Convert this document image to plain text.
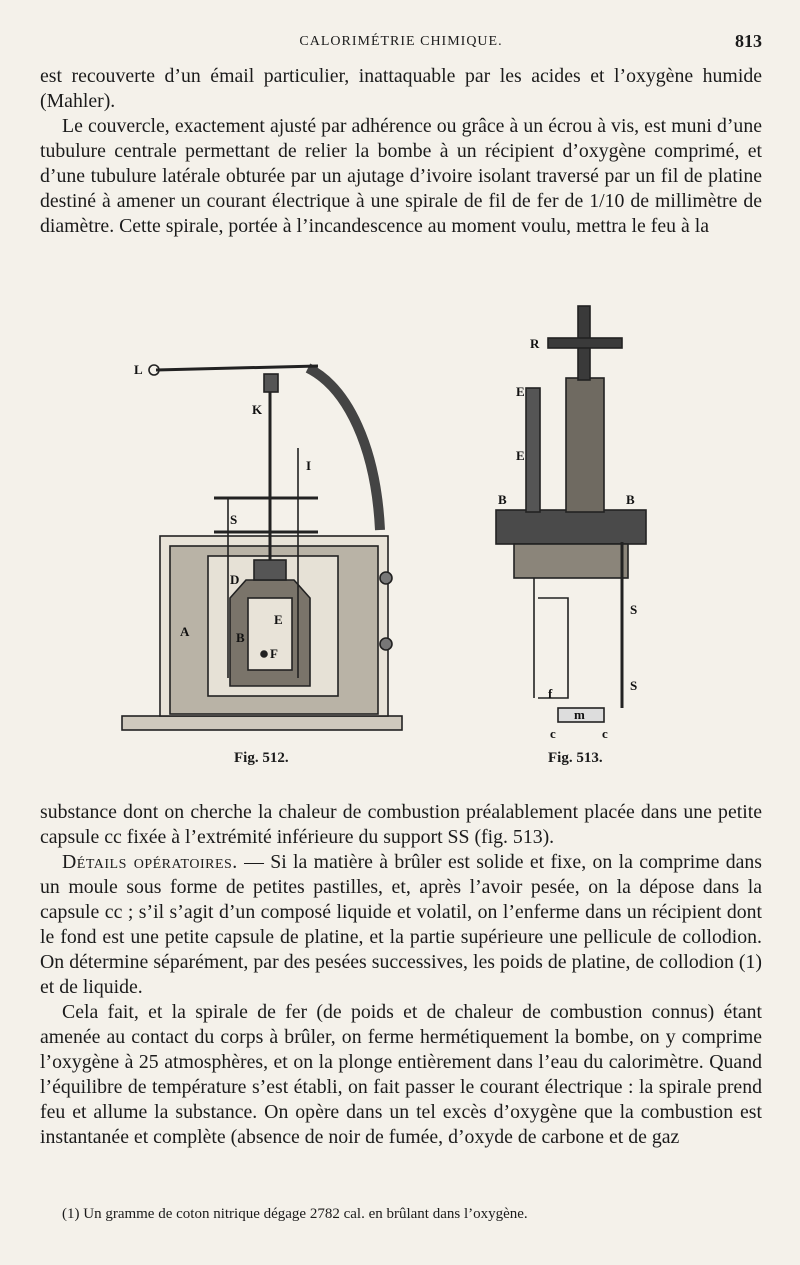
CALORIMÉTRIE CHIMIQUE.	813

est recouverte d’un émail particulier, inattaquable par les acides et l’oxygène humide (Mahler).

Le couvercle, exactement ajusté par adhérence ou grâce à un écrou à vis, est muni d’une tubulure centrale permettant de relier la bombe à un récipient d’oxygène comprimé, et d’une tubulure latérale obturée par un ajutage d’ivoire isolant traversé par un fil de platine destiné à amener un courant électrique à une spirale de fil de fer de 1/10 de millimètre de diamètre. Cette spirale, portée à l’incandescence au moment voulu, mettra le feu à la

L
K
I
S
D
A	B
E
F
R
E
E
B	B
S
S
f
m
c	c
Fig. 512.	Fig. 513.

substance dont on cherche la chaleur de combustion préalablement placée dans une petite capsule cc fixée à l’extrémité inférieure du support SS (fig. 513).

Détails opératoires. — Si la matière à brûler est solide et fixe, on la comprime dans un moule sous forme de petites pastilles, et, après l’avoir pesée, on la dépose dans la capsule cc ; s’il s’agit d’un composé liquide et volatil, on l’enferme dans un récipient dont le fond est une petite capsule de platine, et la partie supérieure une pellicule de collodion. On détermine séparément, par des pesées successives, les poids de platine, de collodion (1) et de liquide.

Cela fait, et la spirale de fer (de poids et de chaleur de combustion connus) étant amenée au contact du corps à brûler, on ferme hermétiquement la bombe, on y comprime l’oxygène à 25 atmosphères, et on la plonge entièrement dans l’eau du calorimètre. Quand l’équilibre de température s’est établi, on fait passer le courant électrique : la spirale prend feu et allume la substance. On opère dans un tel excès d’oxygène que la combustion est instantanée et complète (absence de noir de fumée, d’oxyde de carbone et de gaz

(1) Un gramme de coton nitrique dégage 2782 cal. en brûlant dans l’oxygène.
